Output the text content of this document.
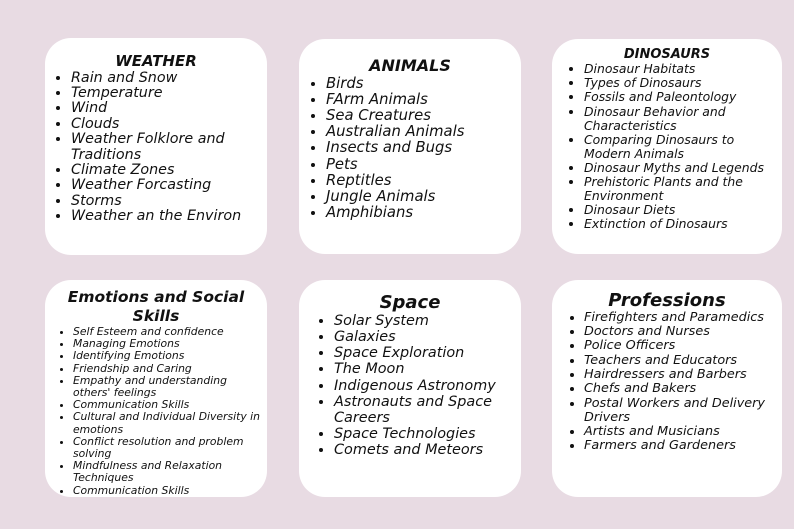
WEATHER
• Rain and Snow
• Temperature
• Wind
• Clouds
• Weather Folklore and Traditions
• Climate Zones
• Weather Forcasting
• Storms
• Weather an the Environ
ANIMALS
• Birds
• FArm Animals
• Sea Creatures
• Australian Animals
• Insects and Bugs
• Pets
• Reptitles
• Jungle Animals
• Amphibians
DINOSAURS
• Dinosaur Habitats
• Types of Dinosaurs
• Fossils and Paleontology
• Dinosaur Behavior and Characteristics
• Comparing Dinosaurs to Modern Animals
• Dinosaur Myths and Legends
• Prehistoric Plants and the Environment
• Dinosaur Diets
• Extinction of Dinosaurs
Emotions and Social Skills
• Self Esteem and confidence
• Managing Emotions
• Identifying Emotions
• Friendship and Caring
• Empathy and understanding others' feelings
• Communication Skills
• Cultural and Individual Diversity in emotions
• Conflict resolution and problem solving
• Mindfulness and Relaxation Techniques
• Communication Skills
Space
• Solar System
• Galaxies
• Space Exploration
• The Moon
• Indigenous Astronomy
• Astronauts and Space Careers
• Space Technologies
• Comets and Meteors
Professions
• Firefighters and Paramedics
• Doctors and Nurses
• Police Officers
• Teachers and Educators
• Hairdressers and Barbers
• Chefs and Bakers
• Postal Workers and Delivery Drivers
• Artists and Musicians
• Farmers and Gardeners
